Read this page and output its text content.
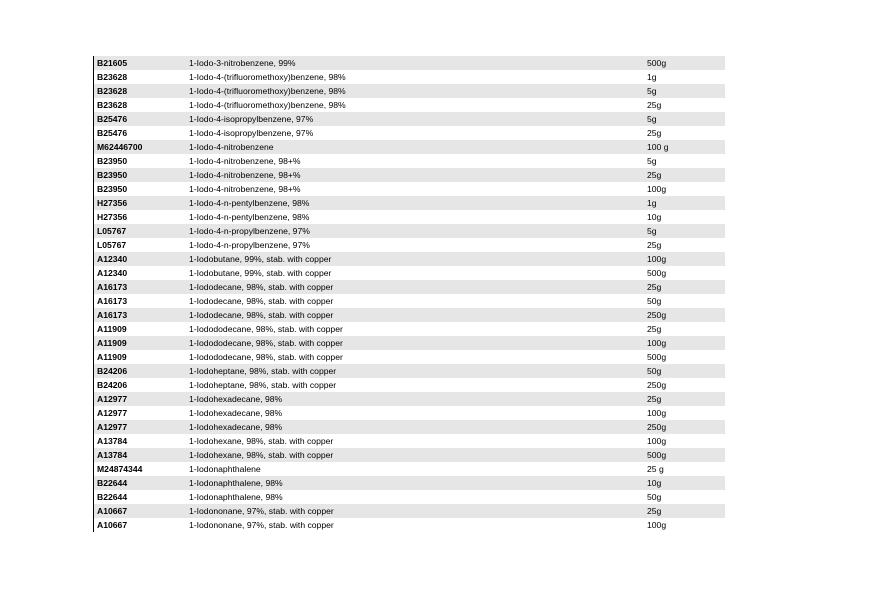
B21605	1-Iodo-3-nitrobenzene, 99%	500g
B23628	1-Iodo-4-(trifluoromethoxy)benzene, 98%	1g
B23628	1-Iodo-4-(trifluoromethoxy)benzene, 98%	5g
B23628	1-Iodo-4-(trifluoromethoxy)benzene, 98%	25g
B25476	1-Iodo-4-isopropylbenzene, 97%	5g
B25476	1-Iodo-4-isopropylbenzene, 97%	25g
M62446700	1-Iodo-4-nitrobenzene	100 g
B23950	1-Iodo-4-nitrobenzene, 98+%	5g
B23950	1-Iodo-4-nitrobenzene, 98+%	25g
B23950	1-Iodo-4-nitrobenzene, 98+%	100g
H27356	1-Iodo-4-n-pentylbenzene, 98%	1g
H27356	1-Iodo-4-n-pentylbenzene, 98%	10g
L05767	1-Iodo-4-n-propylbenzene, 97%	5g
L05767	1-Iodo-4-n-propylbenzene, 97%	25g
A12340	1-Iodobutane, 99%, stab. with copper	100g
A12340	1-Iodobutane, 99%, stab. with copper	500g
A16173	1-Iododecane, 98%, stab. with copper	25g
A16173	1-Iododecane, 98%, stab. with copper	50g
A16173	1-Iododecane, 98%, stab. with copper	250g
A11909	1-Iodododecane, 98%, stab. with copper	25g
A11909	1-Iodododecane, 98%, stab. with copper	100g
A11909	1-Iodododecane, 98%, stab. with copper	500g
B24206	1-Iodoheptane, 98%, stab. with copper	50g
B24206	1-Iodoheptane, 98%, stab. with copper	250g
A12977	1-Iodohexadecane, 98%	25g
A12977	1-Iodohexadecane, 98%	100g
A12977	1-Iodohexadecane, 98%	250g
A13784	1-Iodohexane, 98%, stab. with copper	100g
A13784	1-Iodohexane, 98%, stab. with copper	500g
M24874344	1-Iodonaphthalene	25 g
B22644	1-Iodonaphthalene, 98%	10g
B22644	1-Iodonaphthalene, 98%	50g
A10667	1-Iodononane, 97%, stab. with copper	25g
A10667	1-Iodononane, 97%, stab. with copper	100g
